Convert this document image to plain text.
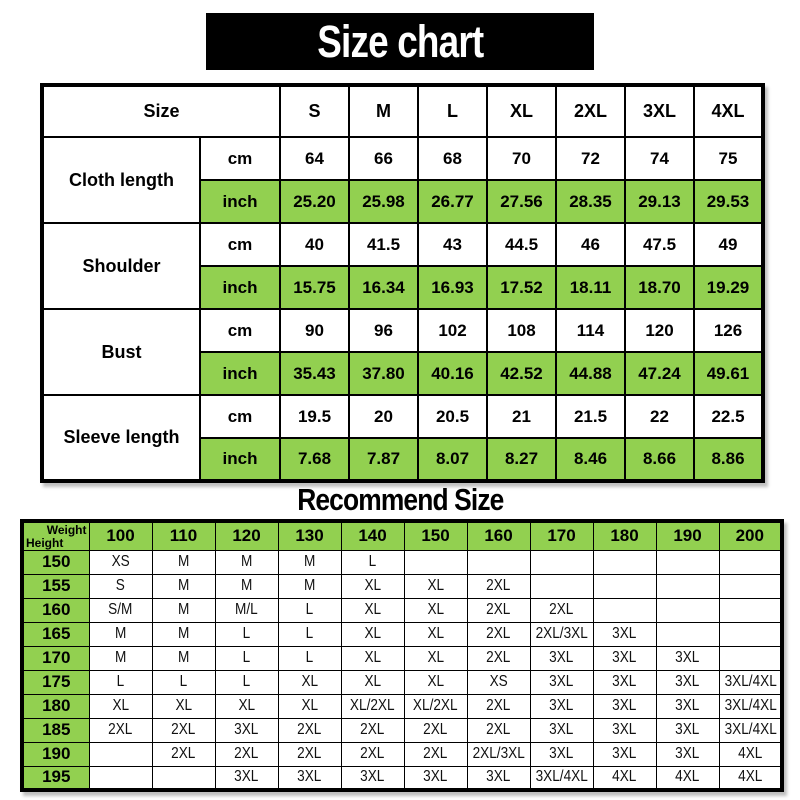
Size chart
Size		S	M	L	XL	2XL	3XL	4XL
Cloth length	cm	64	66	68	70	72	74	75
	inch	25.20	25.98	26.77	27.56	28.35	29.13	29.53
Shoulder	cm	40	41.5	43	44.5	46	47.5	49
	inch	15.75	16.34	16.93	17.52	18.11	18.70	19.29
Bust	cm	90	96	102	108	114	120	126
	inch	35.43	37.80	40.16	42.52	44.88	47.24	49.61
Sleeve length	cm	19.5	20	20.5	21	21.5	22	22.5
	inch	7.68	7.87	8.07	8.27	8.46	8.66	8.86
Recommend Size
Weight
Height	100	110	120	130	140	150	160	170	180	190	200
150	XS	M	M	M	L						
155	S	M	M	M	XL	XL	2XL				
160	S/M	M	M/L	L	XL	XL	2XL	2XL			
165	M	M	L	L	XL	XL	2XL	2XL/3XL	3XL		
170	M	M	L	L	XL	XL	2XL	3XL	3XL	3XL	
175	L	L	L	XL	XL	XL	XS	3XL	3XL	3XL	3XL/4XL
180	XL	XL	XL	XL	XL/2XL	XL/2XL	2XL	3XL	3XL	3XL	3XL/4XL
185	2XL	2XL	3XL	2XL	2XL	2XL	2XL	3XL	3XL	3XL	3XL/4XL
190		2XL	2XL	2XL	2XL	2XL	2XL/3XL	3XL	3XL	3XL	4XL
195			3XL	3XL	3XL	3XL	3XL	3XL/4XL	4XL	4XL	4XL
